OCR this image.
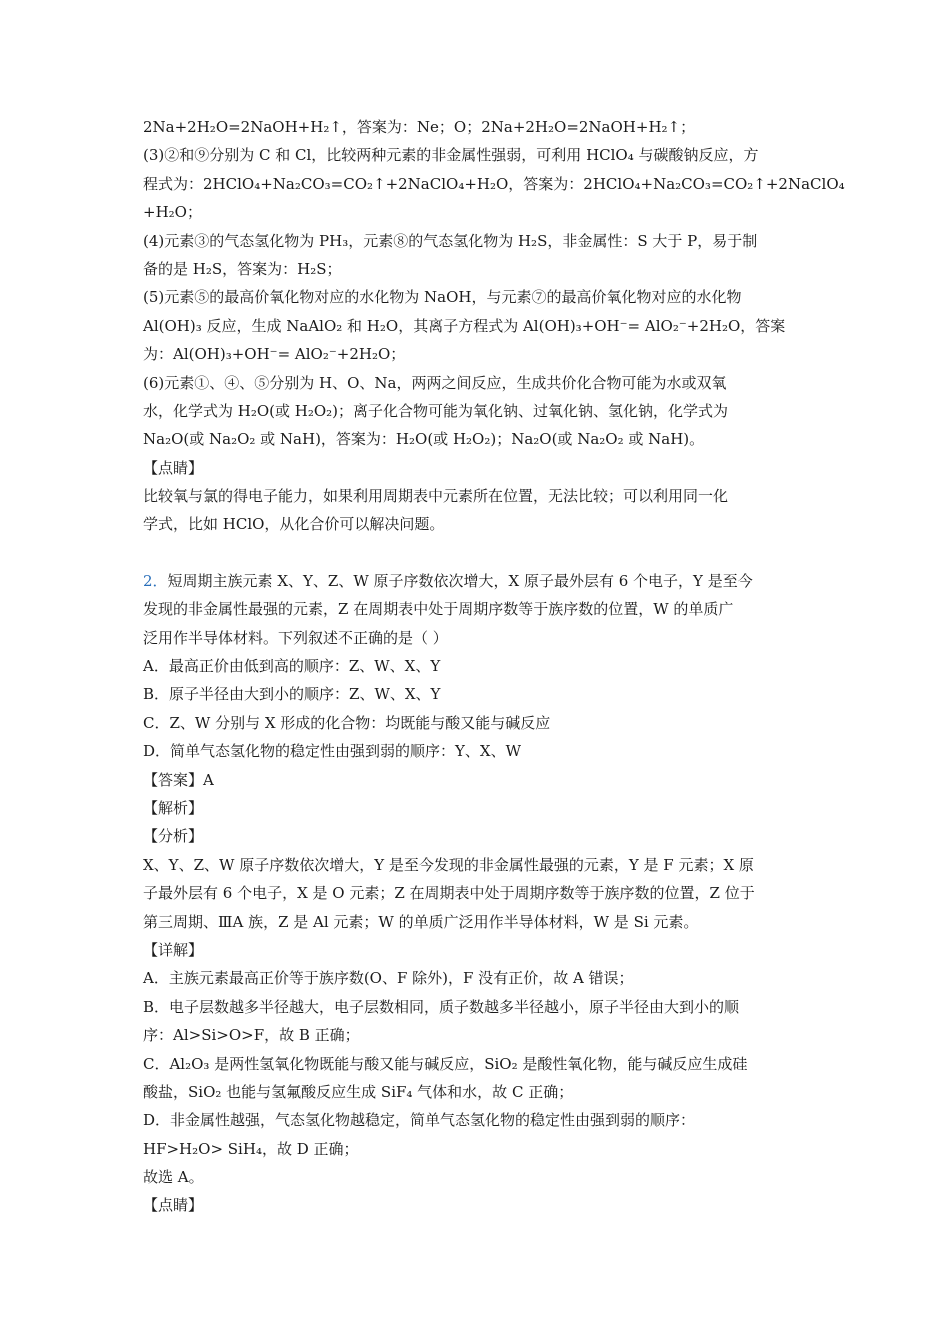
2Na+2H₂O=2NaOH+H₂↑，答案为：Ne；O；2Na+2H₂O=2NaOH+H₂↑；
(3)②和⑨分别为 C 和 Cl，比较两种元素的非金属性强弱，可利用 HClO₄ 与碳酸钠反应，方
程式为：2HClO₄+Na₂CO₃=CO₂↑+2NaClO₄+H₂O，答案为：2HClO₄+Na₂CO₃=CO₂↑+2NaClO₄
+H₂O；
(4)元素③的气态氢化物为 PH₃，元素⑧的气态氢化物为 H₂S，非金属性：S 大于 P，易于制
备的是 H₂S，答案为：H₂S；
(5)元素⑤的最高价氧化物对应的水化物为 NaOH，与元素⑦的最高价氧化物对应的水化物
Al(OH)₃ 反应，生成 NaAlO₂ 和 H₂O，其离子方程式为 Al(OH)₃+OH⁻= AlO₂⁻+2H₂O，答案
为：Al(OH)₃+OH⁻= AlO₂⁻+2H₂O；
(6)元素①、④、⑤分别为 H、O、Na，两两之间反应，生成共价化合物可能为水或双氧
水，化学式为 H₂O(或 H₂O₂)；离子化合物可能为氧化钠、过氧化钠、氢化钠，化学式为
Na₂O(或 Na₂O₂ 或 NaH)，答案为：H₂O(或 H₂O₂)；Na₂O(或 Na₂O₂ 或 NaH)。
【点睛】
比较氧与氯的得电子能力，如果利用周期表中元素所在位置，无法比较；可以利用同一化
学式，比如 HClO，从化合价可以解决问题。
2．短周期主族元素 X、Y、Z、W 原子序数依次增大，X 原子最外层有 6 个电子，Y 是至今
发现的非金属性最强的元素，Z 在周期表中处于周期序数等于族序数的位置，W 的单质广
泛用作半导体材料。下列叙述不正确的是（ ）
A．最高正价由低到高的顺序：Z、W、X、Y
B．原子半径由大到小的顺序：Z、W、X、Y
C．Z、W 分别与 X 形成的化合物：均既能与酸又能与碱反应
D．简单气态氢化物的稳定性由强到弱的顺序：Y、X、W
【答案】A
【解析】
【分析】
X、Y、Z、W 原子序数依次增大，Y 是至今发现的非金属性最强的元素，Y 是 F 元素；X 原
子最外层有 6 个电子，X 是 O 元素；Z 在周期表中处于周期序数等于族序数的位置，Z 位于
第三周期、ⅢA 族，Z 是 Al 元素；W 的单质广泛用作半导体材料，W 是 Si 元素。
【详解】
A．主族元素最高正价等于族序数(O、F 除外)，F 没有正价，故 A 错误；
B．电子层数越多半径越大，电子层数相同，质子数越多半径越小，原子半径由大到小的顺
序：Al>Si>O>F，故 B 正确；
C．Al₂O₃ 是两性氢氧化物既能与酸又能与碱反应，SiO₂ 是酸性氧化物，能与碱反应生成硅
酸盐，SiO₂ 也能与氢氟酸反应生成 SiF₄ 气体和水，故 C 正确；
D．非金属性越强，气态氢化物越稳定，简单气态氢化物的稳定性由强到弱的顺序：
HF>H₂O> SiH₄，故 D 正确；
故选 A。
【点睛】
